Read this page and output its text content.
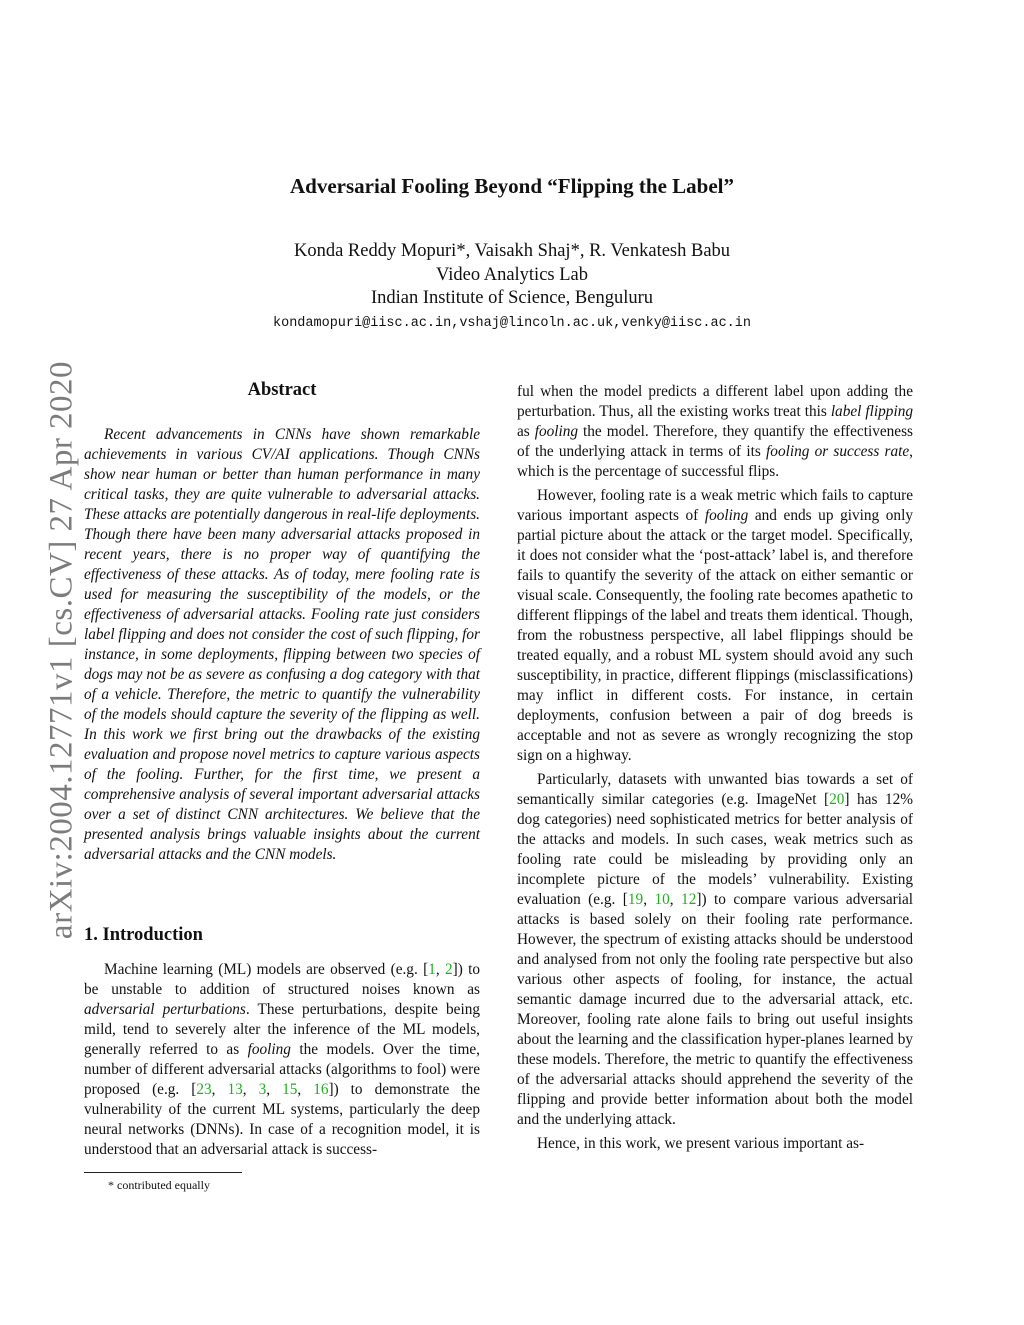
arXiv:2004.12771v1 [cs.CV] 27 Apr 2020
Adversarial Fooling Beyond “Flipping the Label”
Konda Reddy Mopuri*, Vaisakh Shaj*, R. Venkatesh Babu
Video Analytics Lab
Indian Institute of Science, Benguluru
kondamopuri@iisc.ac.in,vshaj@lincoln.ac.uk,venky@iisc.ac.in
Abstract
Recent advancements in CNNs have shown remarkable achievements in various CV/AI applications. Though CNNs show near human or better than human performance in many critical tasks, they are quite vulnerable to adversarial attacks. These attacks are potentially dangerous in real-life deployments. Though there have been many adversarial attacks proposed in recent years, there is no proper way of quantifying the effectiveness of these attacks. As of today, mere fooling rate is used for measuring the susceptibility of the models, or the effectiveness of adversarial attacks. Fooling rate just considers label flipping and does not consider the cost of such flipping, for instance, in some deployments, flipping between two species of dogs may not be as severe as confusing a dog category with that of a vehicle. Therefore, the metric to quantify the vulnerability of the models should capture the severity of the flipping as well. In this work we first bring out the drawbacks of the existing evaluation and propose novel metrics to capture various aspects of the fooling. Further, for the first time, we present a comprehensive analysis of several important adversarial attacks over a set of distinct CNN architectures. We believe that the presented analysis brings valuable insights about the current adversarial attacks and the CNN models.
1. Introduction

Machine learning (ML) models are observed (e.g. [1, 2]) to be unstable to addition of structured noises known as adversarial perturbations. These perturbations, despite being mild, tend to severely alter the inference of the ML models, generally referred to as fooling the models. Over the time, number of different adversarial attacks (algorithms to fool) were proposed (e.g. [23, 13, 3, 15, 16]) to demonstrate the vulnerability of the current ML systems, particularly the deep neural networks (DNNs). In case of a recognition model, it is understood that an adversarial attack is success-

* contributed equally

ful when the model predicts a different label upon adding the perturbation. Thus, all the existing works treat this label flipping as fooling the model. Therefore, they quantify the effectiveness of the underlying attack in terms of its fooling or success rate, which is the percentage of successful flips.

However, fooling rate is a weak metric which fails to capture various important aspects of fooling and ends up giving only partial picture about the attack or the target model. Specifically, it does not consider what the ‘post-attack’ label is, and therefore fails to quantify the severity of the attack on either semantic or visual scale. Consequently, the fooling rate becomes apathetic to different flippings of the label and treats them identical. Though, from the robustness perspective, all label flippings should be treated equally, and a robust ML system should avoid any such susceptibility, in practice, different flippings (misclassifications) may inflict in different costs. For instance, in certain deployments, confusion between a pair of dog breeds is acceptable and not as severe as wrongly recognizing the stop sign on a highway.

Particularly, datasets with unwanted bias towards a set of semantically similar categories (e.g. ImageNet [20] has 12% dog categories) need sophisticated metrics for better analysis of the attacks and models. In such cases, weak metrics such as fooling rate could be misleading by providing only an incomplete picture of the models’ vulnerability. Existing evaluation (e.g. [19, 10, 12]) to compare various adversarial attacks is based solely on their fooling rate performance. However, the spectrum of existing attacks should be understood and analysed from not only the fooling rate perspective but also various other aspects of fooling, for instance, the actual semantic damage incurred due to the adversarial attack, etc. Moreover, fooling rate alone fails to bring out useful insights about the learning and the classification hyper-planes learned by these models. Therefore, the metric to quantify the effectiveness of the adversarial attacks should apprehend the severity of the flipping and provide better information about both the model and the underlying attack.

Hence, in this work, we present various important as-
